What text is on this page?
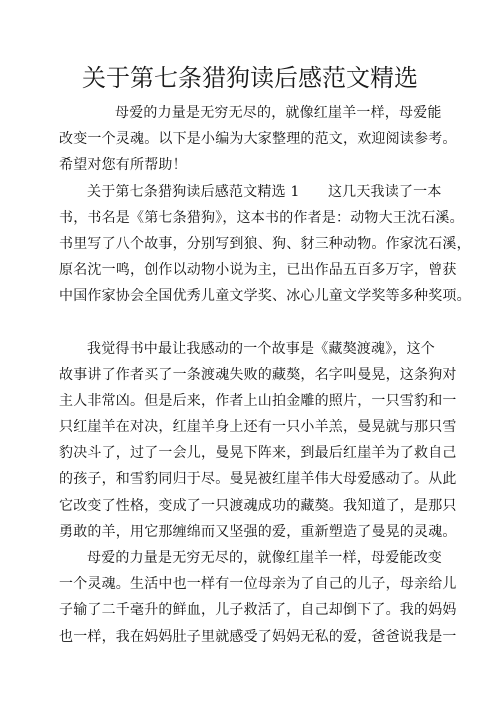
关于第七条猎狗读后感范文精选
母爱的力量是无穷无尽的，就像红崖羊一样，母爱能
改变一个灵魂。以下是小编为大家整理的范文，欢迎阅读参考。
希望对您有所帮助！
关于第七条猎狗读后感范文精选 1　　这几天我读了一本
书，书名是《第七条猎狗》，这本书的作者是：动物大王沈石溪。
书里写了八个故事，分别写到狼、狗、豺三种动物。作家沈石溪，
原名沈一鸣，创作以动物小说为主，已出作品五百多万字，曾获
中国作家协会全国优秀儿童文学奖、冰心儿童文学奖等多种奖项。
我觉得书中最让我感动的一个故事是《藏獒渡魂》，这个
故事讲了作者买了一条渡魂失败的藏獒，名字叫曼晃，这条狗对
主人非常凶。但是后来，作者上山拍金雕的照片，一只雪豹和一
只红崖羊在对决，红崖羊身上还有一只小羊羔，曼晃就与那只雪
豹决斗了，过了一会儿，曼晃下阵来，到最后红崖羊为了救自己
的孩子，和雪豹同归于尽。曼晃被红崖羊伟大母爱感动了。从此
它改变了性格，变成了一只渡魂成功的藏獒。我知道了，是那只
勇敢的羊，用它那缠绵而又坚强的爱，重新塑造了曼晃的灵魂。
母爱的力量是无穷无尽的，就像红崖羊一样，母爱能改变
一个灵魂。生活中也一样有一位母亲为了自己的儿子，母亲给儿
子输了二千毫升的鲜血，儿子救活了，自己却倒下了。我的妈妈
也一样，我在妈妈肚子里就感受了妈妈无私的爱，爸爸说我是一
